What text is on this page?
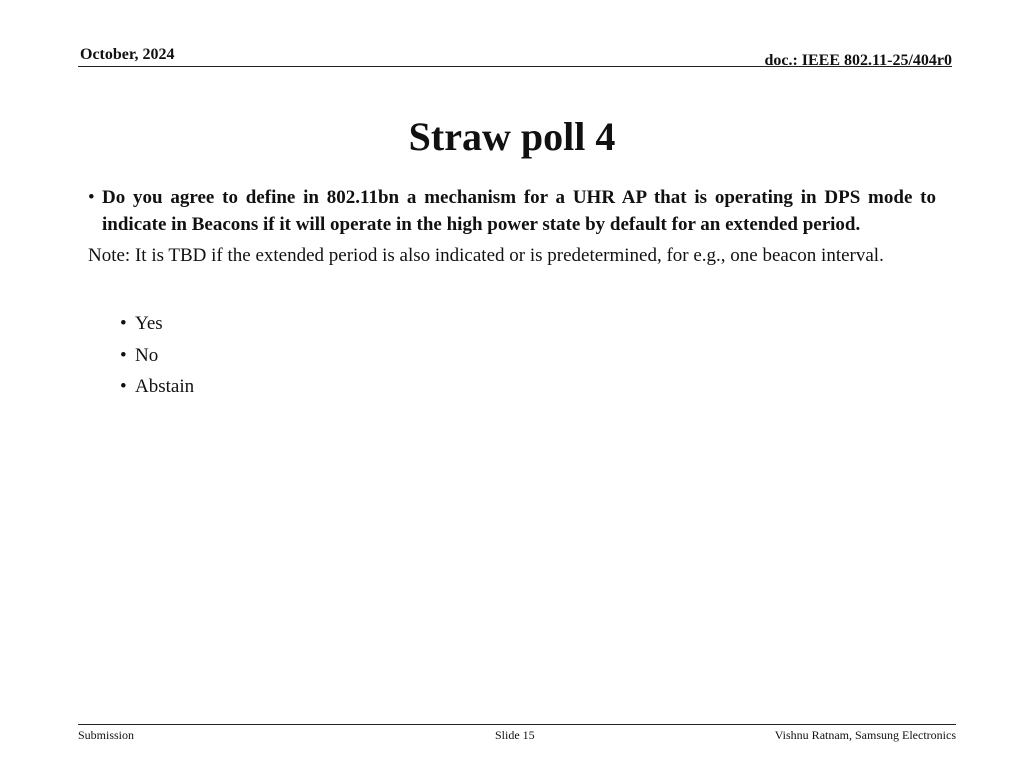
October, 2024	doc.: IEEE 802.11-25/404r0
Straw poll 4
• Do you agree to define in 802.11bn a mechanism for a UHR AP that is operating in DPS mode to indicate in Beacons if it will operate in the high power state by default for an extended period.
Note: It is TBD if the extended period is also indicated or is predetermined, for e.g., one beacon interval.
• Yes
• No
• Abstain
Submission	Slide 15	Vishnu Ratnam, Samsung Electronics
